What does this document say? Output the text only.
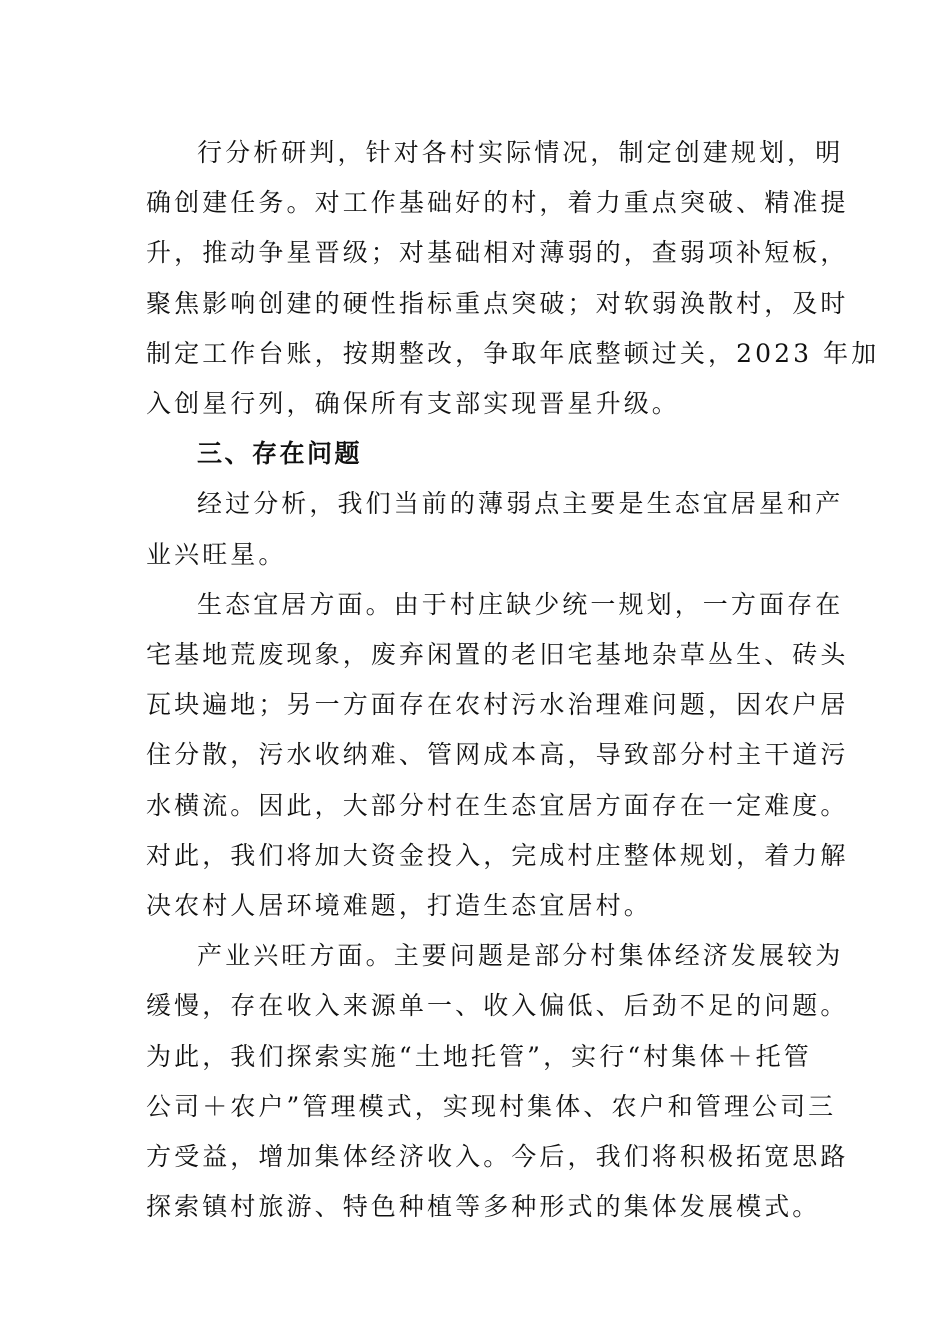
行分析研判，针对各村实际情况，制定创建规划，明
确创建任务。对工作基础好的村，着力重点突破、精准提
升，推动争星晋级；对基础相对薄弱的，查弱项补短板，
聚焦影响创建的硬性指标重点突破；对软弱涣散村，及时
制定工作台账，按期整改，争取年底整顿过关，2023 年加
入创星行列，确保所有支部实现晋星升级。
三、存在问题
经过分析，我们当前的薄弱点主要是生态宜居星和产
业兴旺星。
生态宜居方面。由于村庄缺少统一规划，一方面存在
宅基地荒废现象，废弃闲置的老旧宅基地杂草丛生、砖头
瓦块遍地；另一方面存在农村污水治理难问题，因农户居
住分散，污水收纳难、管网成本高，导致部分村主干道污
水横流。因此，大部分村在生态宜居方面存在一定难度。
对此，我们将加大资金投入，完成村庄整体规划，着力解
决农村人居环境难题，打造生态宜居村。
产业兴旺方面。主要问题是部分村集体经济发展较为
缓慢，存在收入来源单一、收入偏低、后劲不足的问题。
为此，我们探索实施“土地托管”，实行“村集体＋托管
公司＋农户”管理模式，实现村集体、农户和管理公司三
方受益，增加集体经济收入。今后，我们将积极拓宽思路
探索镇村旅游、特色种植等多种形式的集体发展模式。
